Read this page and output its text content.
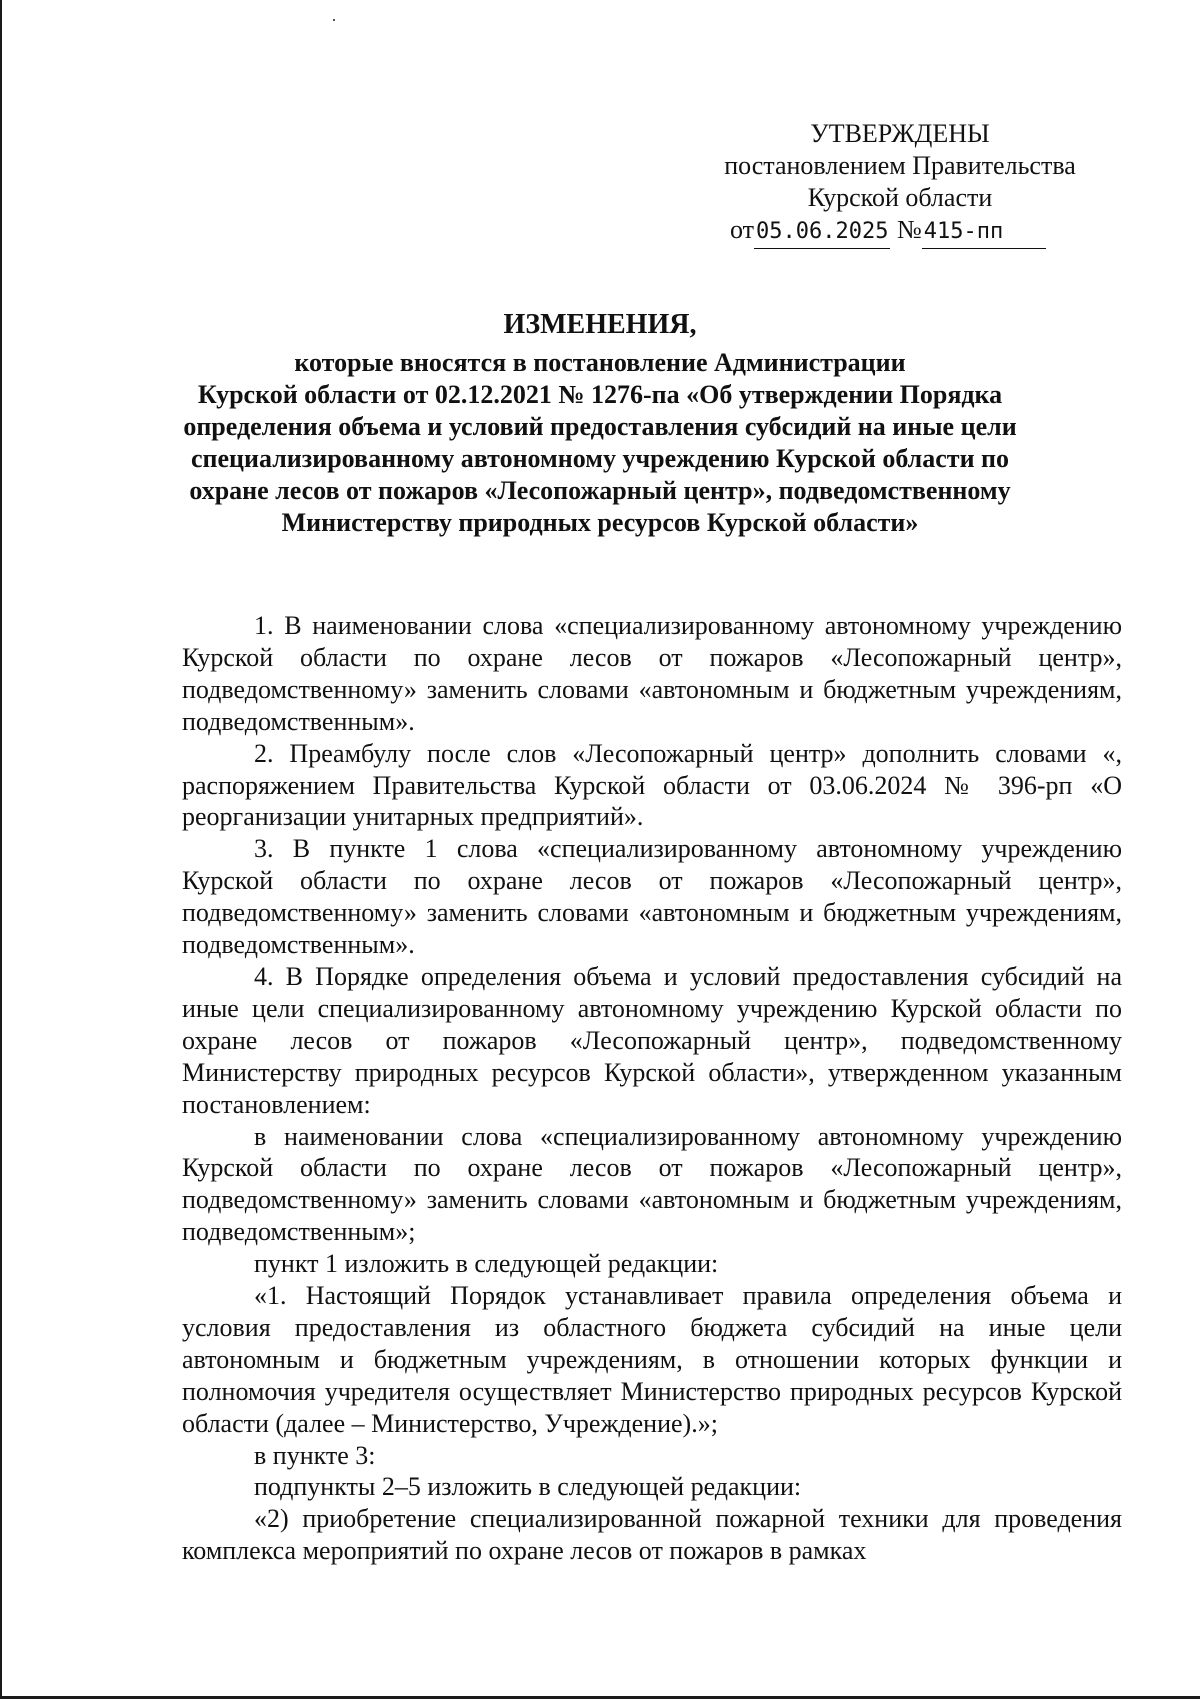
УТВЕРЖДЕНЫ
постановлением Правительства
Курской области
от05.06.2025 №415-пп
ИЗМЕНЕНИЯ,
которые вносятся в постановление Администрации
Курской области от 02.12.2021 № 1276-па «Об утверждении Порядка
определения объема и условий предоставления субсидий на иные цели
специализированному автономному учреждению Курской области по
охране лесов от пожаров «Лесопожарный центр», подведомственному
Министерству природных ресурсов Курской области»

1. В наименовании слова «специализированному автономному учреждению Курской области по охране лесов от пожаров «Лесопожарный центр», подведомственному» заменить словами «автономным и бюджетным учреждениям, подведомственным».

2. Преамбулу после слов «Лесопожарный центр» дополнить словами «, распоряжением Правительства Курской области от 03.06.2024 № 396-рп «О реорганизации унитарных предприятий».

3. В пункте 1 слова «специализированному автономному учреждению Курской области по охране лесов от пожаров «Лесопожарный центр», подведомственному» заменить словами «автономным и бюджетным учреждениям, подведомственным».

4. В Порядке определения объема и условий предоставления субсидий на иные цели специализированному автономному учреждению Курской области по охране лесов от пожаров «Лесопожарный центр», подведомственному Министерству природных ресурсов Курской области», утвержденном указанным постановлением:

в наименовании слова «специализированному автономному учреждению Курской области по охране лесов от пожаров «Лесопожарный центр», подведомственному» заменить словами «автономным и бюджетным учреждениям, подведомственным»;

пункт 1 изложить в следующей редакции:

«1. Настоящий Порядок устанавливает правила определения объема и условия предоставления из областного бюджета субсидий на иные цели автономным и бюджетным учреждениям, в отношении которых функции и полномочия учредителя осуществляет Министерство природных ресурсов Курской области (далее – Министерство, Учреждение).»;

в пункте 3:

подпункты 2–5 изложить в следующей редакции:

«2) приобретение специализированной пожарной техники для проведения комплекса мероприятий по охране лесов от пожаров в рамках
